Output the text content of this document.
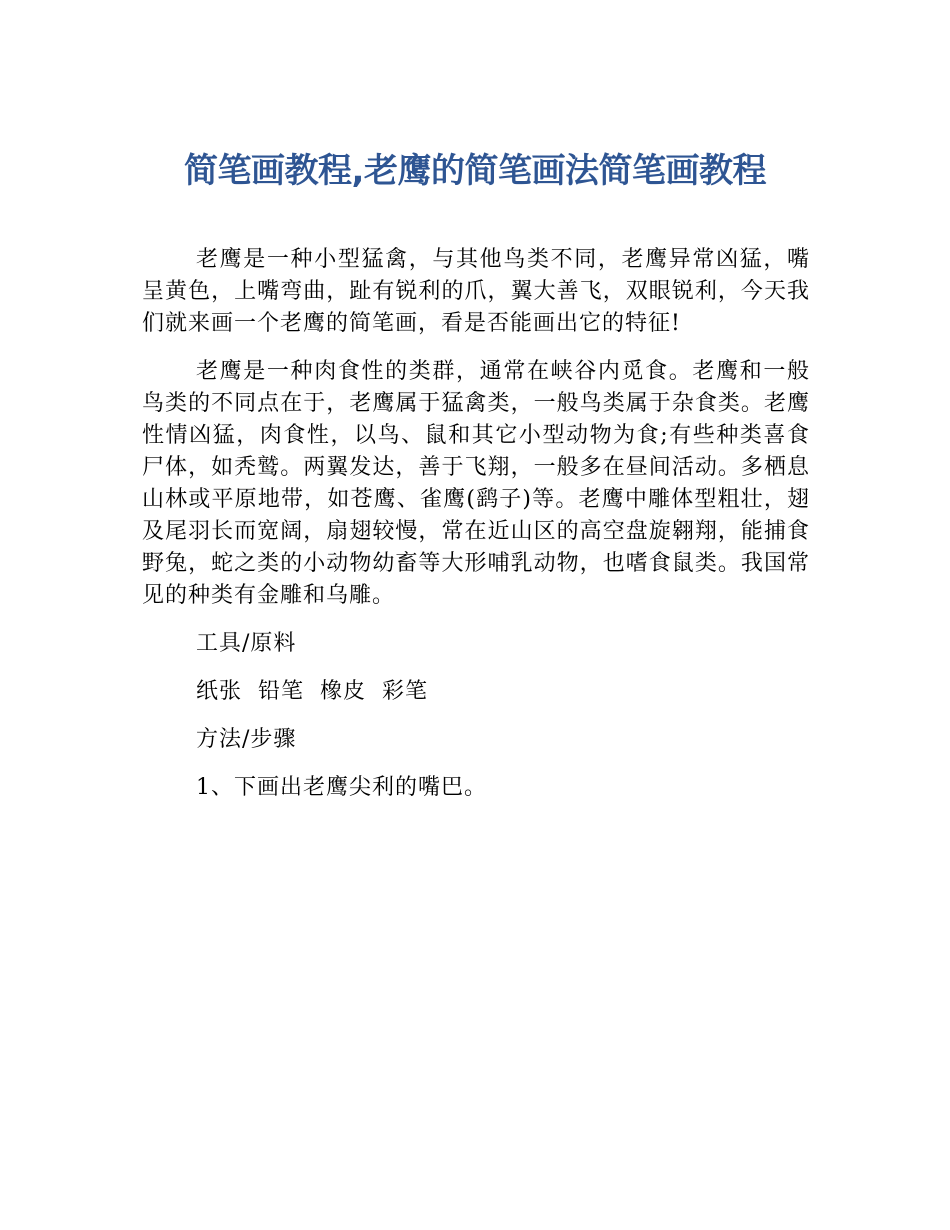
简笔画教程,老鹰的简笔画法简笔画教程

老鹰是一种小型猛禽，与其他鸟类不同，老鹰异常凶猛，嘴呈黄色，上嘴弯曲，趾有锐利的爪，翼大善飞，双眼锐利，今天我们就来画一个老鹰的简笔画，看是否能画出它的特征!

老鹰是一种肉食性的类群，通常在峡谷内觅食。老鹰和一般鸟类的不同点在于，老鹰属于猛禽类，一般鸟类属于杂食类。老鹰性情凶猛，肉食性，以鸟、鼠和其它小型动物为食;有些种类喜食尸体，如秃鹫。两翼发达，善于飞翔，一般多在昼间活动。多栖息山林或平原地带，如苍鹰、雀鹰(鹞子)等。老鹰中雕体型粗壮，翅及尾羽长而宽阔，扇翅较慢，常在近山区的高空盘旋翱翔，能捕食野兔，蛇之类的小动物幼畜等大形哺乳动物，也嗜食鼠类。我国常见的种类有金雕和乌雕。

工具/原料

纸张  铅笔  橡皮  彩笔

方法/步骤

1、下画出老鹰尖利的嘴巴。
